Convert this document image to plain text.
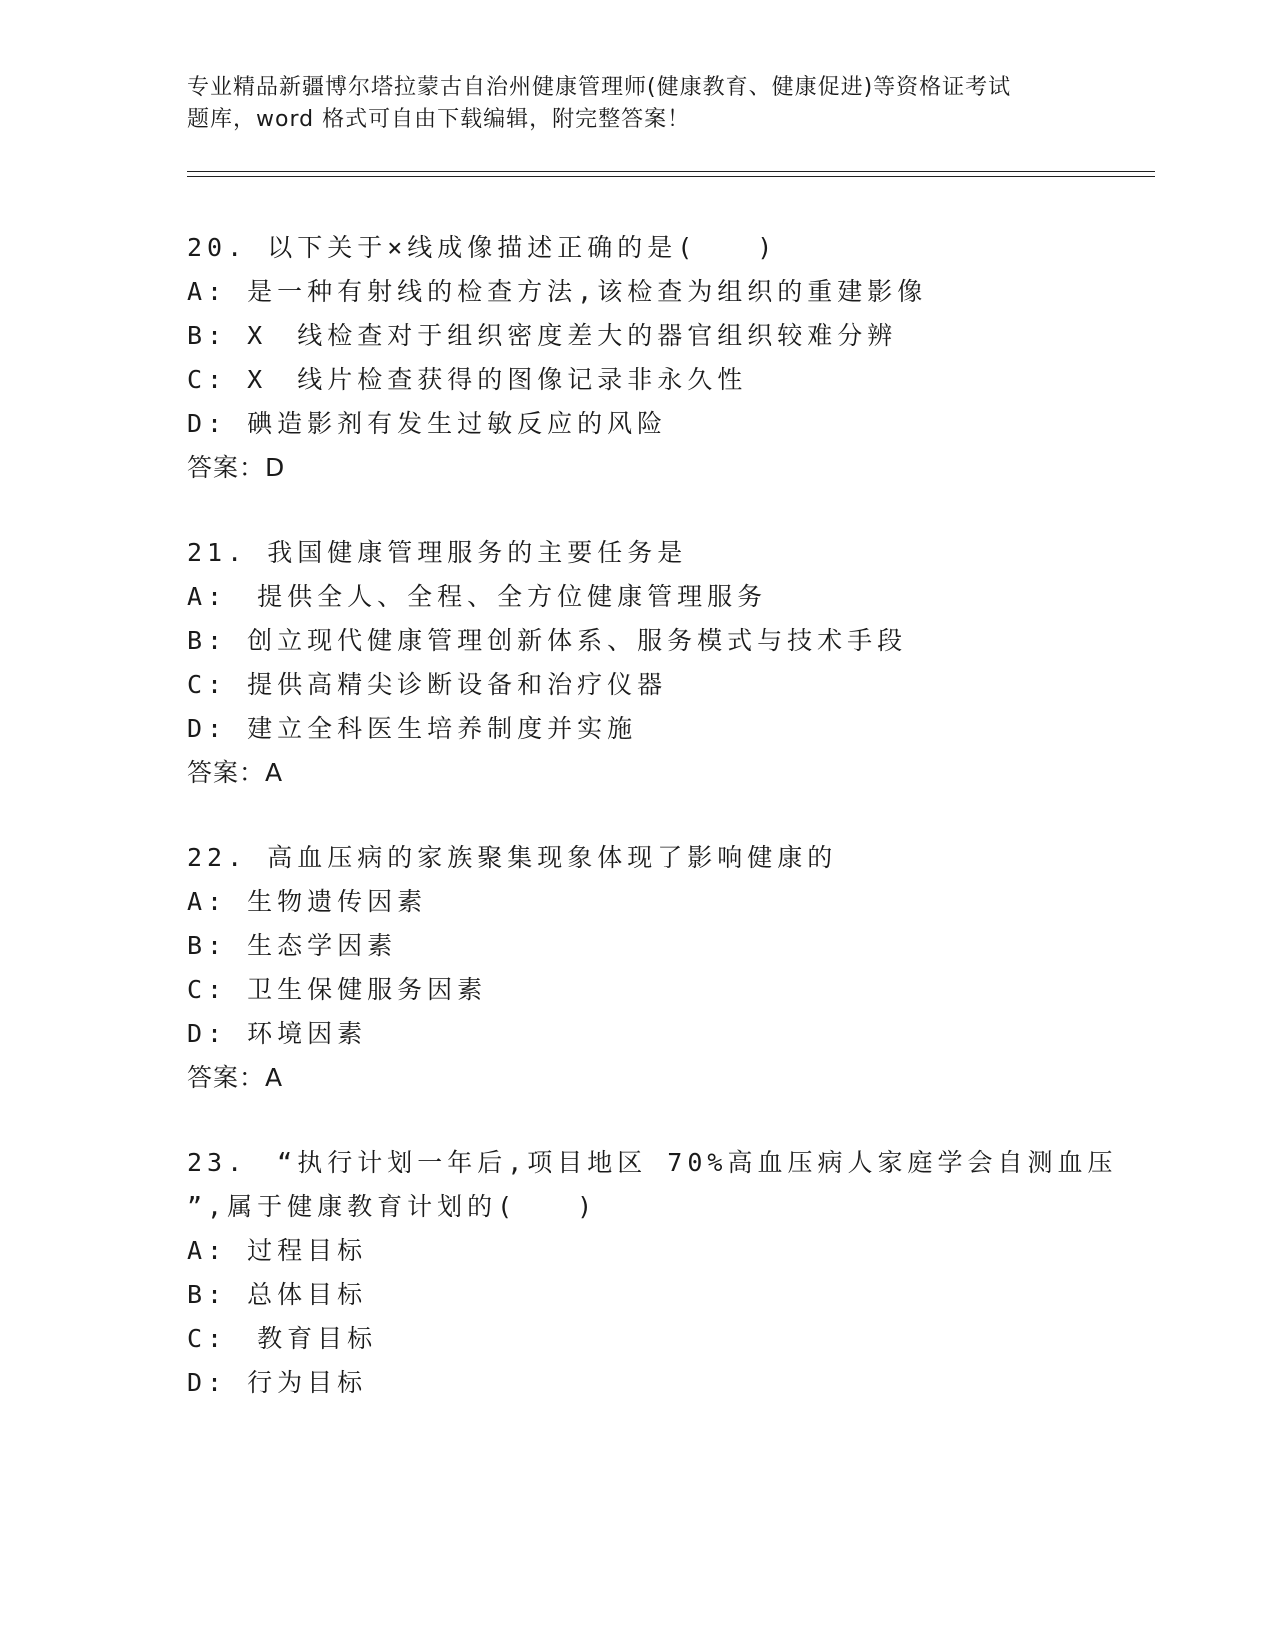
专业精品新疆博尔塔拉蒙古自治州健康管理师(健康教育、健康促进)等资格证考试
题库，word 格式可自由下载编辑，附完整答案！
20. 以下关于×线成像描述正确的是(　　)
A: 是一种有射线的检查方法,该检查为组织的重建影像
B: X　线检查对于组织密度差大的器官组织较难分辨
C: X　线片检查获得的图像记录非永久性
D: 碘造影剂有发生过敏反应的风险
答案：D
21. 我国健康管理服务的主要任务是
A:　提供全人、全程、全方位健康管理服务
B: 创立现代健康管理创新体系、服务模式与技术手段
C: 提供高精尖诊断设备和治疗仪器
D: 建立全科医生培养制度并实施
答案：A
22. 高血压病的家族聚集现象体现了影响健康的
A: 生物遗传因素
B: 生态学因素
C: 卫生保健服务因素
D: 环境因素
答案：A
23.　“执行计划一年后,项目地区 70%高血压病人家庭学会自测血压
”,属于健康教育计划的(　　)
A: 过程目标
B: 总体目标
C:　教育目标
D: 行为目标
